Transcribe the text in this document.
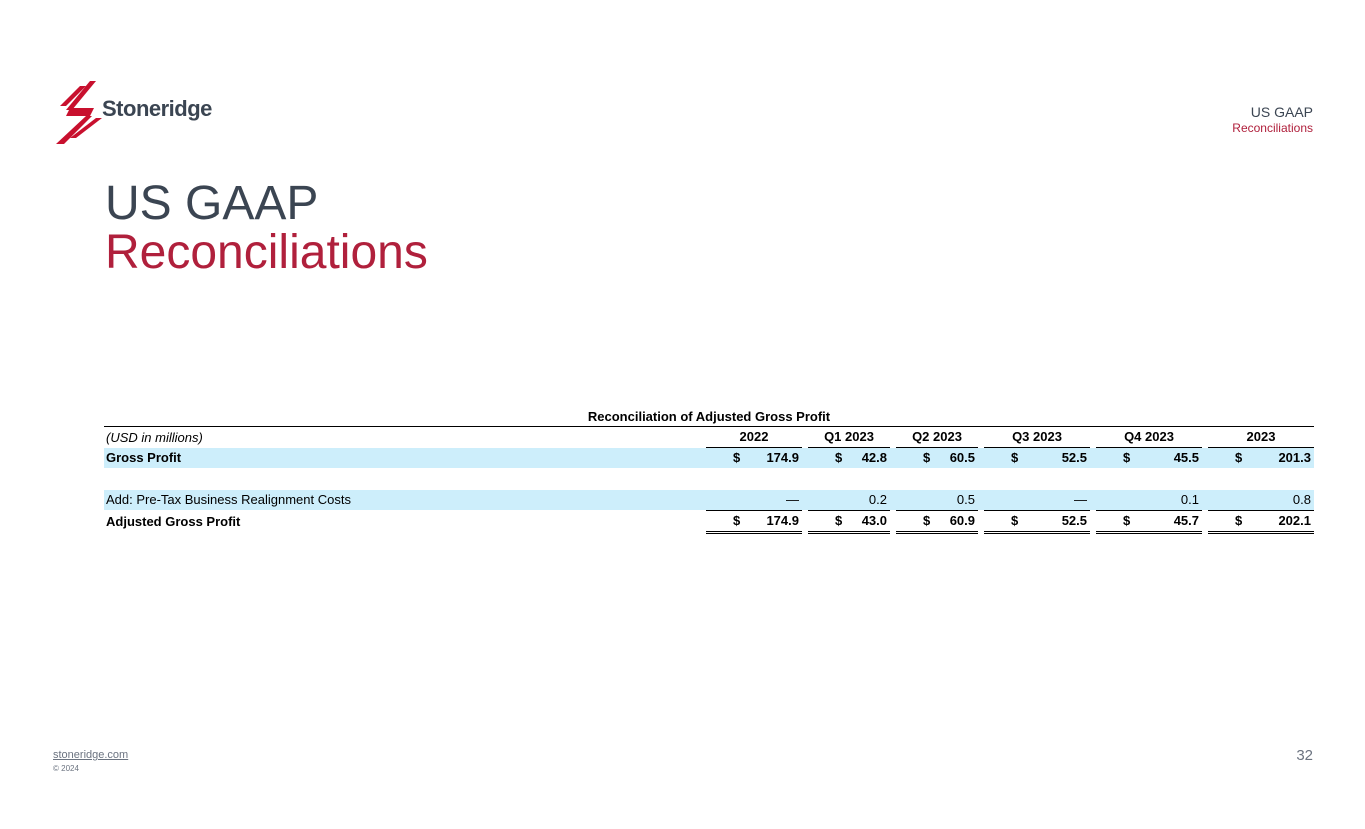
Stoneridge	US GAAP
Reconciliations
US GAAP
Reconciliations
Reconciliation of Adjusted Gross Profit
(USD in millions)		2022		Q1 2023		Q2 2023		Q3 2023		Q4 2023		2023
Gross Profit		$ 174.9		$ 42.8		$ 60.5		$ 52.5		$ 45.5		$ 201.3

Add: Pre-Tax Business Realignment Costs		—		0.2		0.5		—		0.1		0.8
Adjusted Gross Profit		$ 174.9		$ 43.0		$ 60.9		$ 52.5		$ 45.7		$ 202.1
stoneridge.com
© 2024
32
